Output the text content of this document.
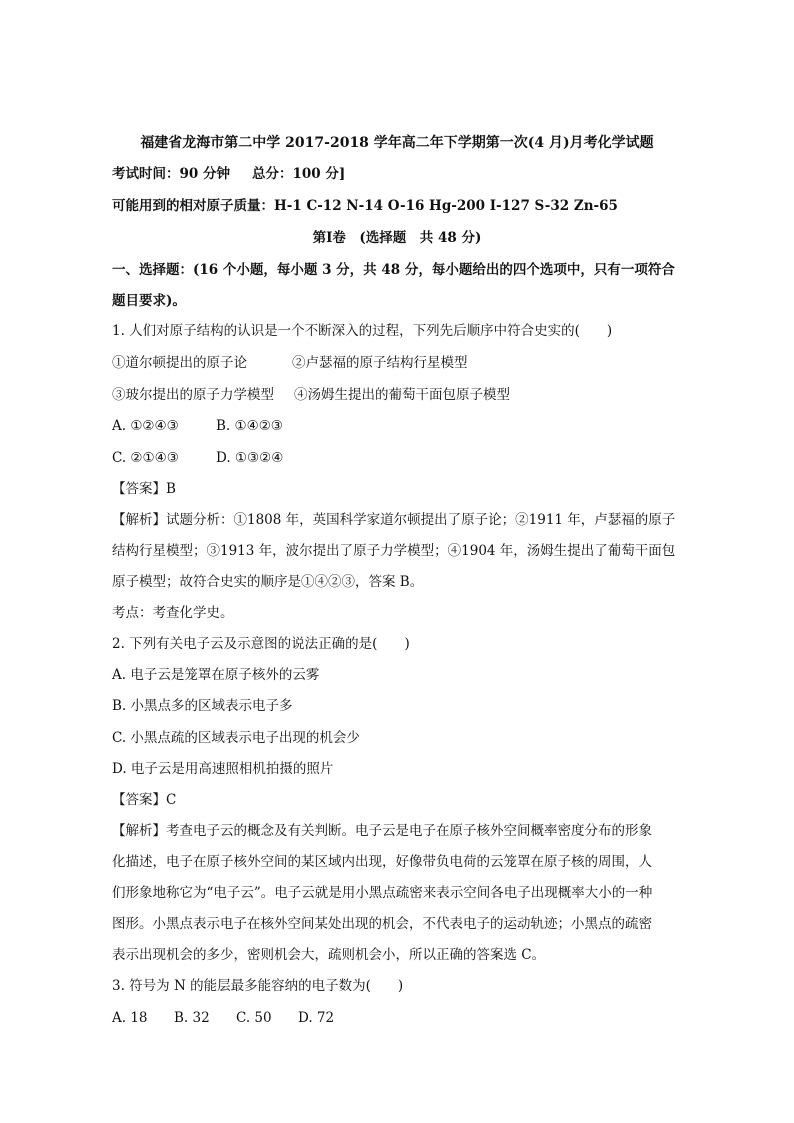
福建省龙海市第二中学 2017-2018 学年高二年下学期第一次(4 月)月考化学试题
考试时间：90 分钟 总分：100 分]
可能用到的相对原子质量：H-1 C-12 N-14 O-16 Hg-200 I-127 S-32 Zn-65
第Ⅰ卷　(选择题　共 48 分)
一、选择题：(16 个小题，每小题 3 分，共 48 分，每小题给出的四个选项中，只有一项符合
题目要求)。
1. 人们对原子结构的认识是一个不断深入的过程，下列先后顺序中符合史实的(　　)
①道尔顿提出的原子论	②卢瑟福的原子结构行星模型
③玻尔提出的原子力学模型 ④汤姆生提出的葡萄干面包原子模型
A. ①②④③	B. ①④②③
C. ②①④③	D. ①③②④
【答案】B
【解析】试题分析：①1808 年，英国科学家道尔顿提出了原子论；②1911 年，卢瑟福的原子
结构行星模型；③1913 年，波尔提出了原子力学模型；④1904 年，汤姆生提出了葡萄干面包
原子模型；故符合史实的顺序是①④②③，答案 B。
考点：考查化学史。
2. 下列有关电子云及示意图的说法正确的是(　　)
A. 电子云是笼罩在原子核外的云雾
B. 小黑点多的区域表示电子多
C. 小黑点疏的区域表示电子出现的机会少
D. 电子云是用高速照相机拍摄的照片
【答案】C
【解析】考查电子云的概念及有关判断。电子云是电子在原子核外空间概率密度分布的形象
化描述，电子在原子核外空间的某区域内出现，好像带负电荷的云笼罩在原子核的周围，人
们形象地称它为“电子云”。电子云就是用小黑点疏密来表示空间各电子出现概率大小的一种
图形。小黑点表示电子在核外空间某处出现的机会，不代表电子的运动轨迹；小黑点的疏密
表示出现机会的多少，密则机会大，疏则机会小，所以正确的答案选 C。
3. 符号为 N 的能层最多能容纳的电子数为(　　)
A. 18 B. 32 C. 50 D. 72
